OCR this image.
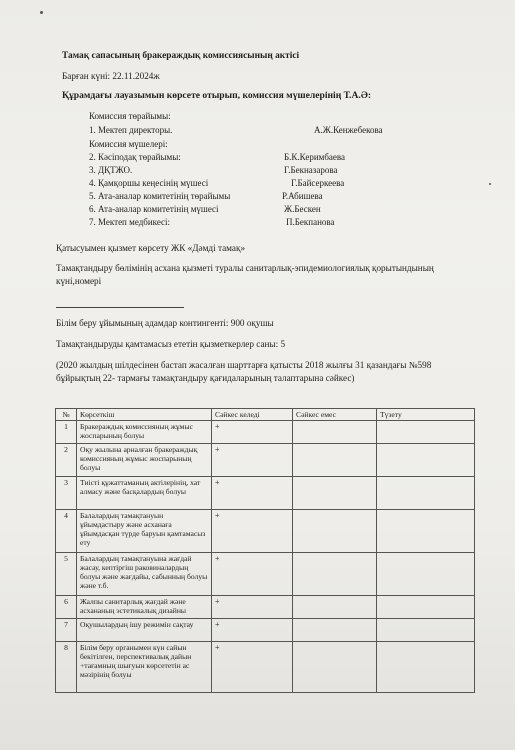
Тамақ сапасының бракераждық комиссиясының актісі
Барған күні: 22.11.2024ж
Құрамдағы лауазымын көрсете отырып, комиссия мүшелерінің Т.А.Ә:
Комиссия төрайымы:
1. Мектеп директоры.	А.Ж.Кенжебекова
Комиссия мүшелері:
2. Кәсіподақ төрайымы:	Б.К.Керимбаева
3. ДҚТЖО.	Г.Бекназарова
4. Қамқоршы кеңесінің мүшесі	Г.Байсеркеева
5. Ата-аналар комитетінің төрайымы	Р.Абишева
6. Ата-аналар комитетінің мүшесі	Ж.Бескен
7. Мектеп медбикесі:	П.Бекпанова
Қатысуымен қызмет көрсету ЖК «Дәмді тамақ»
Тамақтандыру бөлімінің асхана қызметі туралы санитарлық-эпидемиологиялық қорытындының күні,номері
Білім беру ұйымының адамдар контингенті: 900 оқушы
Тамақтандыруды қамтамасыз ететін қызметкерлер саны: 5
(2020 жылдың шілдесінен бастап жасалған шарттарға қатысты 2018 жылғы 31 қазандағы №598 бұйрықтың 22- тармағы тамақтандыру қағидаларының талаптарына сәйкес)
№	Көрсеткіш	Сәйкес келеді	Сәйкес емес	Түзету
1	Бракераждық комиссияның жұмыс жоспарының болуы	+		
2	Оқу жылына арналған бракераждық комиссияның жұмыс жоспарының болуы	+		
3	Тиісті құжаттаманың актілерінің, хат алмасу және басқалардың болуы	+		
4	Балалардың тамақтануын ұйымдастыру және асханаға ұйымдасқан түрде баруын қамтамасыз ету	+		
5	Балалардың тамақтануына жағдай жасау, кептіргіш раковиналардың болуы және жағдайы, сабынның болуы және т.б.	+		
6	Жалпы санитарлық жағдай және асхананың эстетикалық дизайны	+		
7	Оқушылардың ішу режимін сақтау	+		
8	Білім беру органымен күн сайын бекітілген, перспективалық дайын +тағамның шығуын көрсететін ас мәзірінің болуы	+		
